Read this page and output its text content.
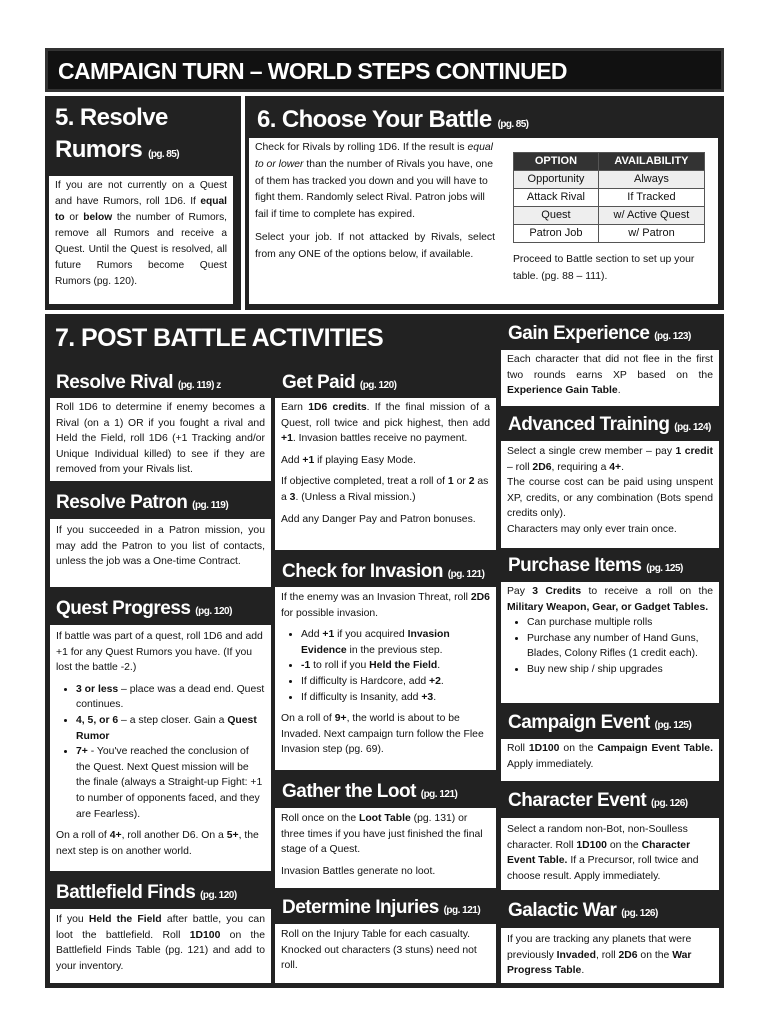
CAMPAIGN TURN – WORLD STEPS CONTINUED
5. Resolve
Rumors (pg. 85)
If you are not currently on a Quest and have Rumors, roll 1D6. If equal to or below the number of Rumors, remove all Rumors and receive a Quest. Until the Quest is resolved, all future Rumors become Quest Rumors (pg. 120).
6. Choose Your Battle (pg. 85)

Check for Rivals by rolling 1D6. If the result is equal to or lower than the number of Rivals you have, one of them has tracked you down and you will have to fight them. Randomly select Rival. Patron jobs will fail if time to complete has expired.

Select your job. If not attacked by Rivals, select from any ONE of the options below, if available.

OPTION	AVAILABILITY
Opportunity	Always
Attack Rival	If Tracked
Quest	w/ Active Quest
Patron Job	w/ Patron
Proceed to Battle section to set up your table. (pg. 88 – 111).
7. POST BATTLE ACTIVITIES
Resolve Rival (pg. 119) z
Roll 1D6 to determine if enemy becomes a Rival (on a 1) OR if you fought a rival and Held the Field, roll 1D6 (+1 Tracking and/or Unique Individual killed) to see if they are removed from your Rivals list.
Resolve Patron (pg. 119)
If you succeeded in a Patron mission, you may add the Patron to you list of contacts, unless the job was a One-time Contract.
Quest Progress (pg. 120)

If battle was part of a quest, roll 1D6 and add +1 for any Quest Rumors you have. (If you lost the battle -2.)

• 3 or less – place was a dead end. Quest continues.
• 4, 5, or 6 – a step closer. Gain a Quest Rumor
• 7+ - You've reached the conclusion of the Quest. Next Quest mission will be the finale (always a Straight-up Fight: +1 to number of opponents faced, and they are Fearless).

On a roll of 4+, roll another D6. On a 5+, the next step is on another world.

Battlefield Finds (pg. 120)
If you Held the Field after battle, you can loot the battlefield. Roll 1D100 on the Battlefield Finds Table (pg. 121) and add to your inventory.
Get Paid (pg. 120)

Earn 1D6 credits. If the final mission of a Quest, roll twice and pick highest, then add +1. Invasion battles receive no payment.

Add +1 if playing Easy Mode.

If objective completed, treat a roll of 1 or 2 as a 3. (Unless a Rival mission.)

Add any Danger Pay and Patron bonuses.

Check for Invasion (pg. 121)

If the enemy was an Invasion Threat, roll 2D6 for possible invasion.

• Add +1 if you acquired Invasion Evidence in the previous step.
• -1 to roll if you Held the Field.
• If difficulty is Hardcore, add +2.
• If difficulty is Insanity, add +3.

On a roll of 9+, the world is about to be Invaded. Next campaign turn follow the Flee Invasion step (pg. 69).

Gather the Loot (pg. 121)

Roll once on the Loot Table (pg. 131) or three times if you have just finished the final stage of a Quest.

Invasion Battles generate no loot.

Determine Injuries (pg. 121)
Roll on the Injury Table for each casualty. Knocked out characters (3 stuns) need not roll.
Gain Experience (pg. 123)
Each character that did not flee in the first two rounds earns XP based on the Experience Gain Table.
Advanced Training (pg. 124)

Select a single crew member – pay 1 credit – roll 2D6, requiring a 4+.

The course cost can be paid using unspent XP, credits, or any combination (Bots spend credits only).

Characters may only ever train once.

Purchase Items (pg. 125)

Pay 3 Credits to receive a roll on the Military Weapon, Gear, or Gadget Tables.

• Can purchase multiple rolls
• Purchase any number of Hand Guns, Blades, Colony Rifles (1 credit each).
• Buy new ship / ship upgrades
Campaign Event (pg. 125)
Roll 1D100 on the Campaign Event Table. Apply immediately.
Character Event (pg. 126)
Select a random non-Bot, non-Soulless character. Roll 1D100 on the Character Event Table. If a Precursor, roll twice and choose result. Apply immediately.
Galactic War (pg. 126)
If you are tracking any planets that were previously Invaded, roll 2D6 on the War Progress Table.
